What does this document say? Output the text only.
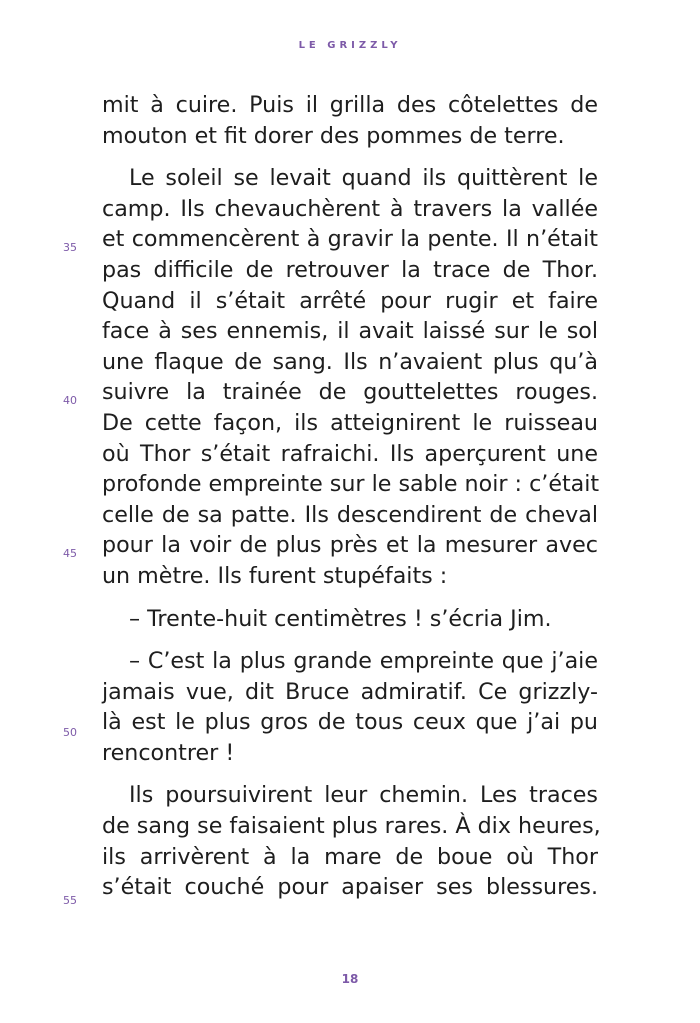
LE GRIZZLY
mit à cuire. Puis il grilla des côtelettes de
mouton et fit dorer des pommes de terre.
Le soleil se levait quand ils quittèrent le
camp. Ils chevauchèrent à travers la vallée
et commencèrent à gravir la pente. Il n’était
pas difficile de retrouver la trace de Thor.
Quand il s’était arrêté pour rugir et faire
face à ses ennemis, il avait laissé sur le sol
une flaque de sang. Ils n’avaient plus qu’à
suivre la trainée de gouttelettes rouges.
De cette façon, ils atteignirent le ruisseau
où Thor s’était rafraichi. Ils aperçurent une
profonde empreinte sur le sable noir : c’était
celle de sa patte. Ils descendirent de cheval
pour la voir de plus près et la mesurer avec
un mètre. Ils furent stupéfaits :
– Trente-huit centimètres ! s’écria Jim.
– C’est la plus grande empreinte que j’aie
jamais vue, dit Bruce admiratif. Ce grizzly-
là est le plus gros de tous ceux que j’ai pu
rencontrer !
Ils poursuivirent leur chemin. Les traces
de sang se faisaient plus rares. À dix heures,
ils arrivèrent à la mare de boue où Thor
s’était couché pour apaiser ses blessures.
35
40
45
50
55
18
